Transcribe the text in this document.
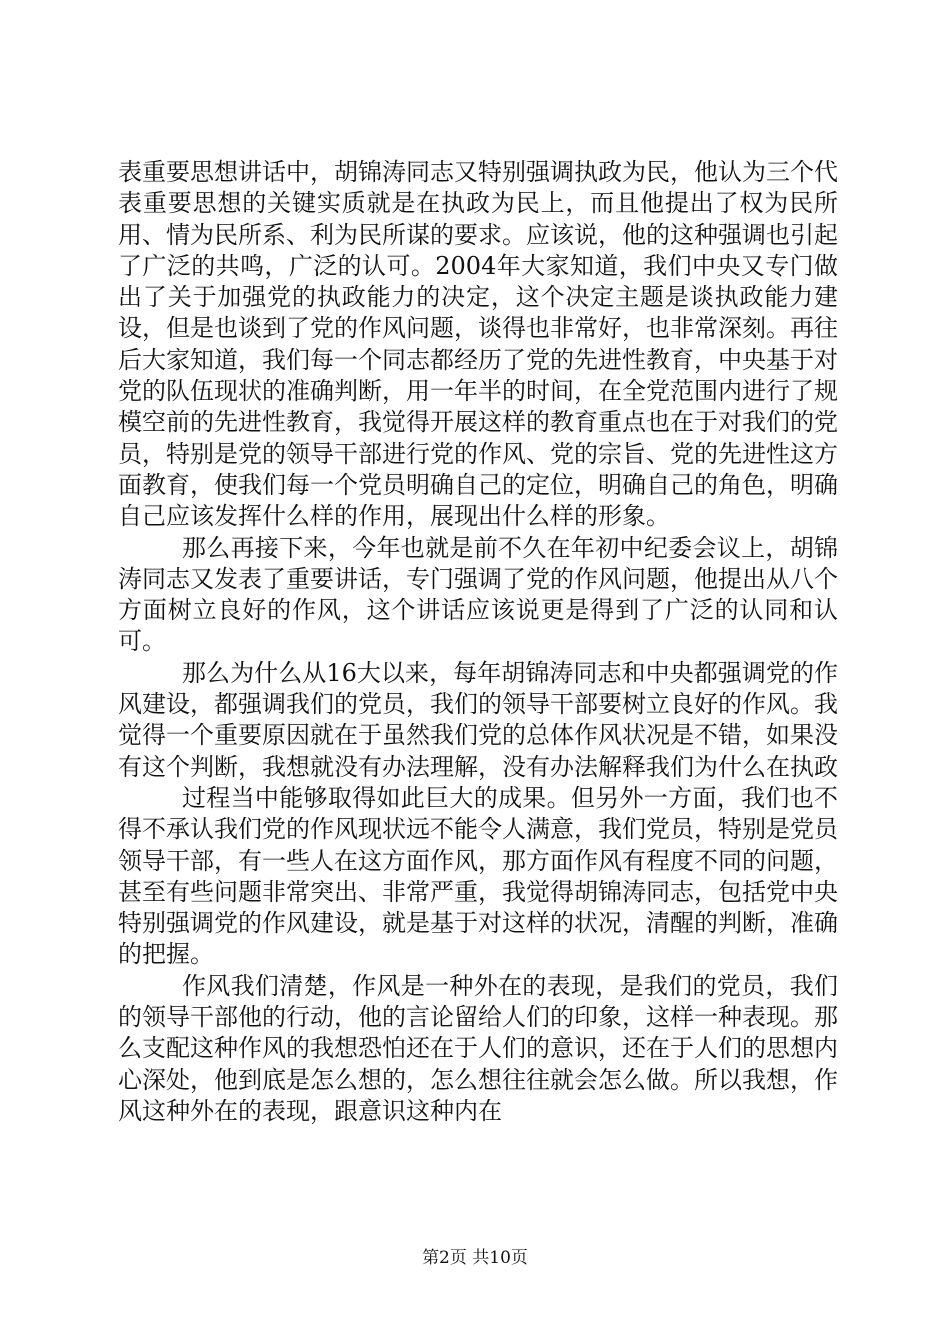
表重要思想讲话中，胡锦涛同志又特别强调执政为民，他认为三个代表重要思想的关键实质就是在执政为民上，而且他提出了权为民所用、情为民所系、利为民所谋的要求。应该说，他的这种强调也引起了广泛的共鸣，广泛的认可。2004年大家知道，我们中央又专门做出了关于加强党的执政能力的决定，这个决定主题是谈执政能力建设，但是也谈到了党的作风问题，谈得也非常好，也非常深刻。再往后大家知道，我们每一个同志都经历了党的先进性教育，中央基于对党的队伍现状的准确判断，用一年半的时间，在全党范围内进行了规模空前的先进性教育，我觉得开展这样的教育重点也在于对我们的党员，特别是党的领导干部进行党的作风、党的宗旨、党的先进性这方面教育，使我们每一个党员明确自己的定位，明确自己的角色，明确自己应该发挥什么样的作用，展现出什么样的形象。

那么再接下来，今年也就是前不久在年初中纪委会议上，胡锦涛同志又发表了重要讲话，专门强调了党的作风问题，他提出从八个方面树立良好的作风，这个讲话应该说更是得到了广泛的认同和认可。

那么为什么从16大以来，每年胡锦涛同志和中央都强调党的作风建设，都强调我们的党员，我们的领导干部要树立良好的作风。我觉得一个重要原因就在于虽然我们党的总体作风状况是不错，如果没有这个判断，我想就没有办法理解，没有办法解释我们为什么在执政

过程当中能够取得如此巨大的成果。但另外一方面，我们也不得不承认我们党的作风现状远不能令人满意，我们党员，特别是党员领导干部，有一些人在这方面作风，那方面作风有程度不同的问题，甚至有些问题非常突出、非常严重，我觉得胡锦涛同志，包括党中央特别强调党的作风建设，就是基于对这样的状况，清醒的判断，准确的把握。

作风我们清楚，作风是一种外在的表现，是我们的党员，我们的领导干部他的行动，他的言论留给人们的印象，这样一种表现。那么支配这种作风的我想恐怕还在于人们的意识，还在于人们的思想内心深处，他到底是怎么想的，怎么想往往就会怎么做。所以我想，作风这种外在的表现，跟意识这种内在

第2页 共10页
